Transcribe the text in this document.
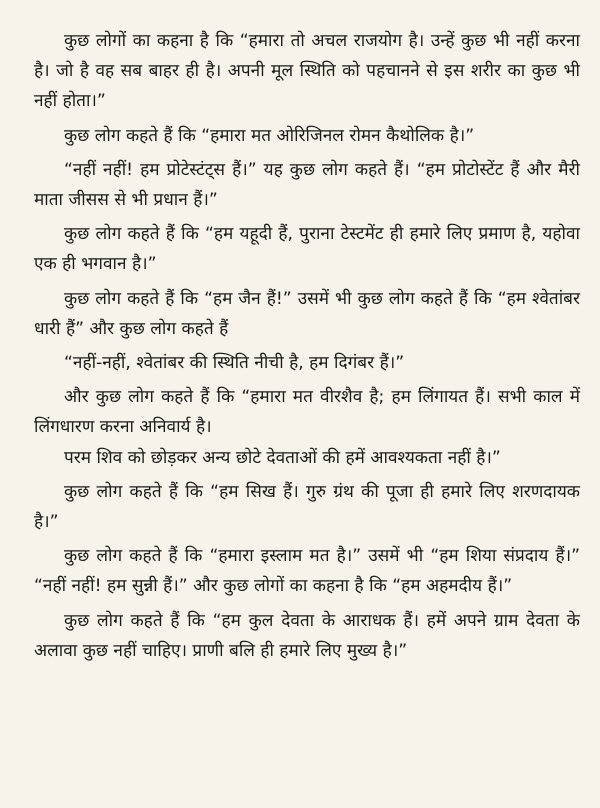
कुछ लोगों का कहना है कि “हमारा तो अचल राजयोग है। उन्हें कुछ भी नहीं करना है। जो है वह सब बाहर ही है। अपनी मूल स्थिति को पहचानने से इस शरीर का कुछ भी नहीं होता।”

कुछ लोग कहते हैं कि “हमारा मत ओरिजिनल रोमन कैथोलिक है।”

“नहीं नहीं! हम प्रोटेस्टंट्स हैं।” यह कुछ लोग कहते हैं। “हम प्रोटोस्टेंट हैं और मैरी माता जीसस से भी प्रधान हैं।”

कुछ लोग कहते हैं कि “हम यहूदी हैं, पुराना टेस्टमेंट ही हमारे लिए प्रमाण है, यहोवा एक ही भगवान है।”

कुछ लोग कहते हैं कि “हम जैन हैं!” उसमें भी कुछ लोग कहते हैं कि “हम श्वेतांबर धारी हैं” और कुछ लोग कहते हैं

“नहीं-नहीं, श्वेतांबर की स्थिति नीची है, हम दिगंबर हैं।”

और कुछ लोग कहते हैं कि “हमारा मत वीरशैव है; हम लिंगायत हैं। सभी काल में लिंगधारण करना अनिवार्य है।

परम शिव को छोड़कर अन्य छोटे देवताओं की हमें आवश्यकता नहीं है।”

कुछ लोग कहते हैं कि “हम सिख हैं। गुरु ग्रंथ की पूजा ही हमारे लिए शरणदायक है।”

कुछ लोग कहते हैं कि “हमारा इस्लाम मत है।” उसमें भी “हम शिया संप्रदाय हैं।” “नहीं नहीं! हम सुन्नी हैं।” और कुछ लोगों का कहना है कि “हम अहमदीय हैं।”

कुछ लोग कहते हैं कि “हम कुल देवता के आराधक हैं। हमें अपने ग्राम देवता के अलावा कुछ नहीं चाहिए। प्राणी बलि ही हमारे लिए मुख्य है।”
